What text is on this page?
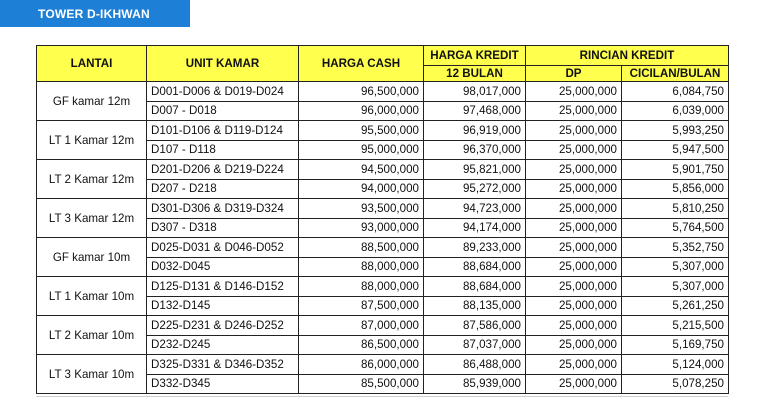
TOWER D-IKHWAN
LANTAI	UNIT KAMAR	HARGA CASH	HARGA KREDIT	RINCIAN KREDIT	
			12 BULAN	DP	CICILAN/BULAN
GF kamar 12m	D001-D006 & D019-D024	96,500,000	98,017,000	25,000,000	6,084,750
	D007 - D018	96,000,000	97,468,000	25,000,000	6,039,000
LT 1 Kamar 12m	D101-D106 & D119-D124	95,500,000	96,919,000	25,000,000	5,993,250
	D107 - D118	95,000,000	96,370,000	25,000,000	5,947,500
LT 2 Kamar 12m	D201-D206 & D219-D224	94,500,000	95,821,000	25,000,000	5,901,750
	D207 - D218	94,000,000	95,272,000	25,000,000	5,856,000
LT 3 Kamar 12m	D301-D306 & D319-D324	93,500,000	94,723,000	25,000,000	5,810,250
	D307 - D318	93,000,000	94,174,000	25,000,000	5,764,500
GF kamar 10m	D025-D031 & D046-D052	88,500,000	89,233,000	25,000,000	5,352,750
	D032-D045	88,000,000	88,684,000	25,000,000	5,307,000
LT 1 Kamar 10m	D125-D131 & D146-D152	88,000,000	88,684,000	25,000,000	5,307,000
	D132-D145	87,500,000	88,135,000	25,000,000	5,261,250
LT 2 Kamar 10m	D225-D231 & D246-D252	87,000,000	87,586,000	25,000,000	5,215,500
	D232-D245	86,500,000	87,037,000	25,000,000	5,169,750
LT 3 Kamar 10m	D325-D331 & D346-D352	86,000,000	86,488,000	25,000,000	5,124,000
	D332-D345	85,500,000	85,939,000	25,000,000	5,078,250
